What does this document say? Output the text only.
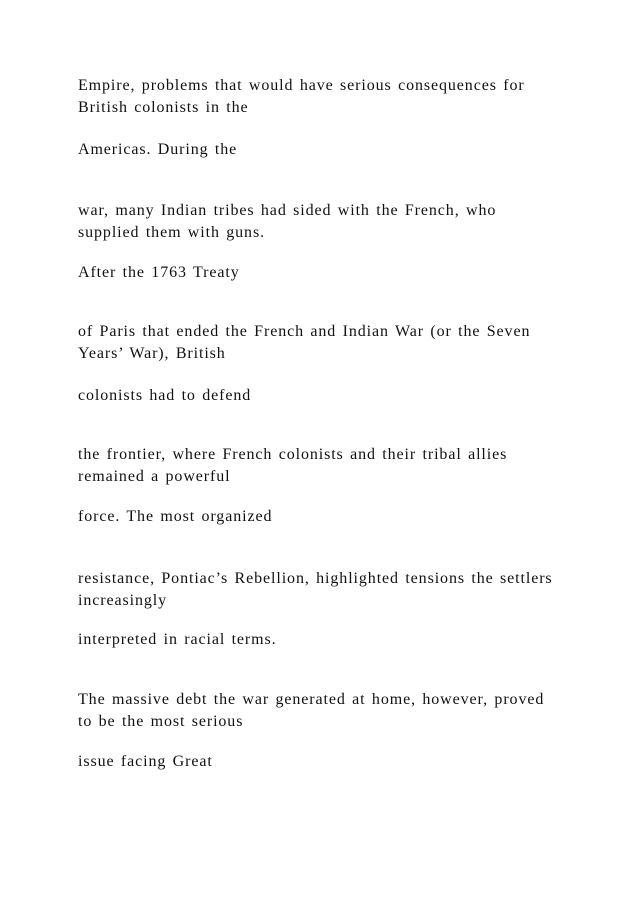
Empire, problems that would have serious consequences for
British colonists in the

Americas. During the

war, many Indian tribes had sided with the French, who
supplied them with guns.

After the 1763 Treaty

of Paris that ended the French and Indian War (or the Seven
Years’ War), British

colonists had to defend

the frontier, where French colonists and their tribal allies
remained a powerful

force. The most organized

resistance, Pontiac’s Rebellion, highlighted tensions the settlers
increasingly

interpreted in racial terms.

The massive debt the war generated at home, however, proved
to be the most serious

issue facing Great
